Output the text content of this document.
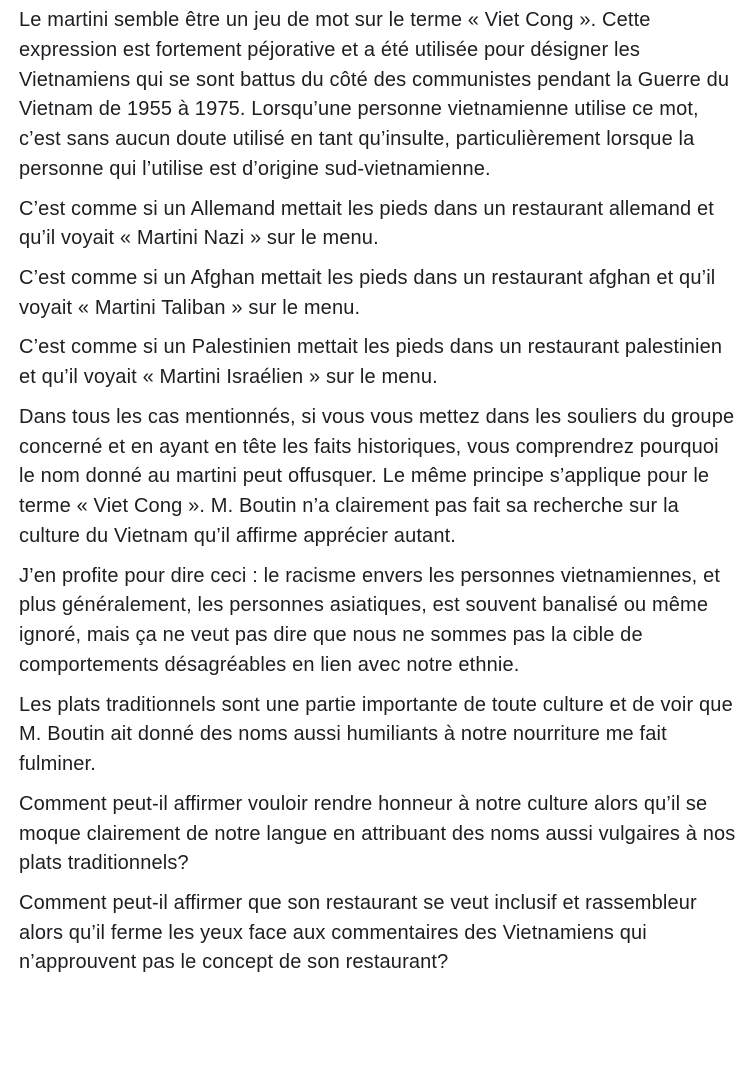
Le martini semble être un jeu de mot sur le terme « Viet Cong ». Cette expression est fortement péjorative et a été utilisée pour désigner les Vietnamiens qui se sont battus du côté des communistes pendant la Guerre du Vietnam de 1955 à 1975. Lorsqu’une personne vietnamienne utilise ce mot, c’est sans aucun doute utilisé en tant qu’insulte, particulièrement lorsque la personne qui l’utilise est d’origine sud-vietnamienne.

C’est comme si un Allemand mettait les pieds dans un restaurant allemand et qu’il voyait « Martini Nazi » sur le menu.

C’est comme si un Afghan mettait les pieds dans un restaurant afghan et qu’il voyait « Martini Taliban » sur le menu.

C’est comme si un Palestinien mettait les pieds dans un restaurant palestinien et qu’il voyait « Martini Israélien » sur le menu.

Dans tous les cas mentionnés, si vous vous mettez dans les souliers du groupe concerné et en ayant en tête les faits historiques, vous comprendrez pourquoi le nom donné au martini peut offusquer. Le même principe s’applique pour le terme « Viet Cong ». M. Boutin n’a clairement pas fait sa recherche sur la culture du Vietnam qu’il affirme apprécier autant.

J’en profite pour dire ceci : le racisme envers les personnes vietnamiennes, et plus généralement, les personnes asiatiques, est souvent banalisé ou même ignoré, mais ça ne veut pas dire que nous ne sommes pas la cible de comportements désagréables en lien avec notre ethnie.

Les plats traditionnels sont une partie importante de toute culture et de voir que M. Boutin ait donné des noms aussi humiliants à notre nourriture me fait fulminer.

Comment peut-il affirmer vouloir rendre honneur à notre culture alors qu’il se moque clairement de notre langue en attribuant des noms aussi vulgaires à nos plats traditionnels?

Comment peut-il affirmer que son restaurant se veut inclusif et rassembleur alors qu’il ferme les yeux face aux commentaires des Vietnamiens qui n’approuvent pas le concept de son restaurant?
